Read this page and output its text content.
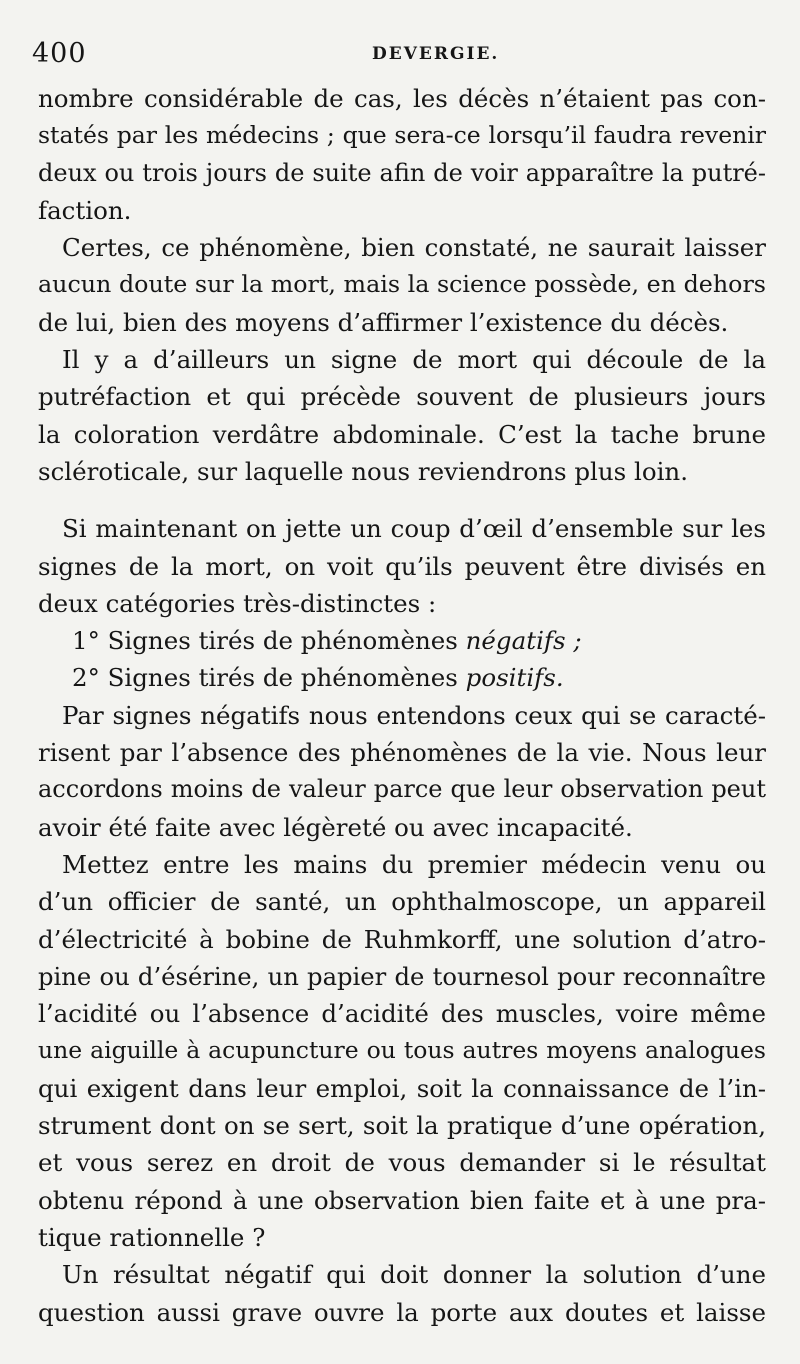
400	DEVERGIE.
nombre considérable de cas, les décès n’étaient pas con-
statés par les médecins ; que sera-ce lorsqu’il faudra revenir
deux ou trois jours de suite afin de voir apparaître la putré-
faction.
Certes, ce phénomène, bien constaté, ne saurait laisser
aucun doute sur la mort, mais la science possède, en dehors
de lui, bien des moyens d’affirmer l’existence du décès.
Il y a d’ailleurs un signe de mort qui découle de la
putréfaction et qui précède souvent de plusieurs jours
la coloration verdâtre abdominale. C’est la tache brune
scléroticale, sur laquelle nous reviendrons plus loin.
Si maintenant on jette un coup d’œil d’ensemble sur les
signes de la mort, on voit qu’ils peuvent être divisés en
deux catégories très-distinctes :
1° Signes tirés de phénomènes négatifs ;
2° Signes tirés de phénomènes positifs.
Par signes négatifs nous entendons ceux qui se caracté-
risent par l’absence des phénomènes de la vie. Nous leur
accordons moins de valeur parce que leur observation peut
avoir été faite avec légèreté ou avec incapacité.
Mettez entre les mains du premier médecin venu ou
d’un officier de santé, un ophthalmoscope, un appareil
d’électricité à bobine de Ruhmkorff, une solution d’atro-
pine ou d’ésérine, un papier de tournesol pour reconnaître
l’acidité ou l’absence d’acidité des muscles, voire même
une aiguille à acupuncture ou tous autres moyens analogues
qui exigent dans leur emploi, soit la connaissance de l’in-
strument dont on se sert, soit la pratique d’une opération,
et vous serez en droit de vous demander si le résultat
obtenu répond à une observation bien faite et à une pra-
tique rationnelle ?
Un résultat négatif qui doit donner la solution d’une
question aussi grave ouvre la porte aux doutes et laisse
